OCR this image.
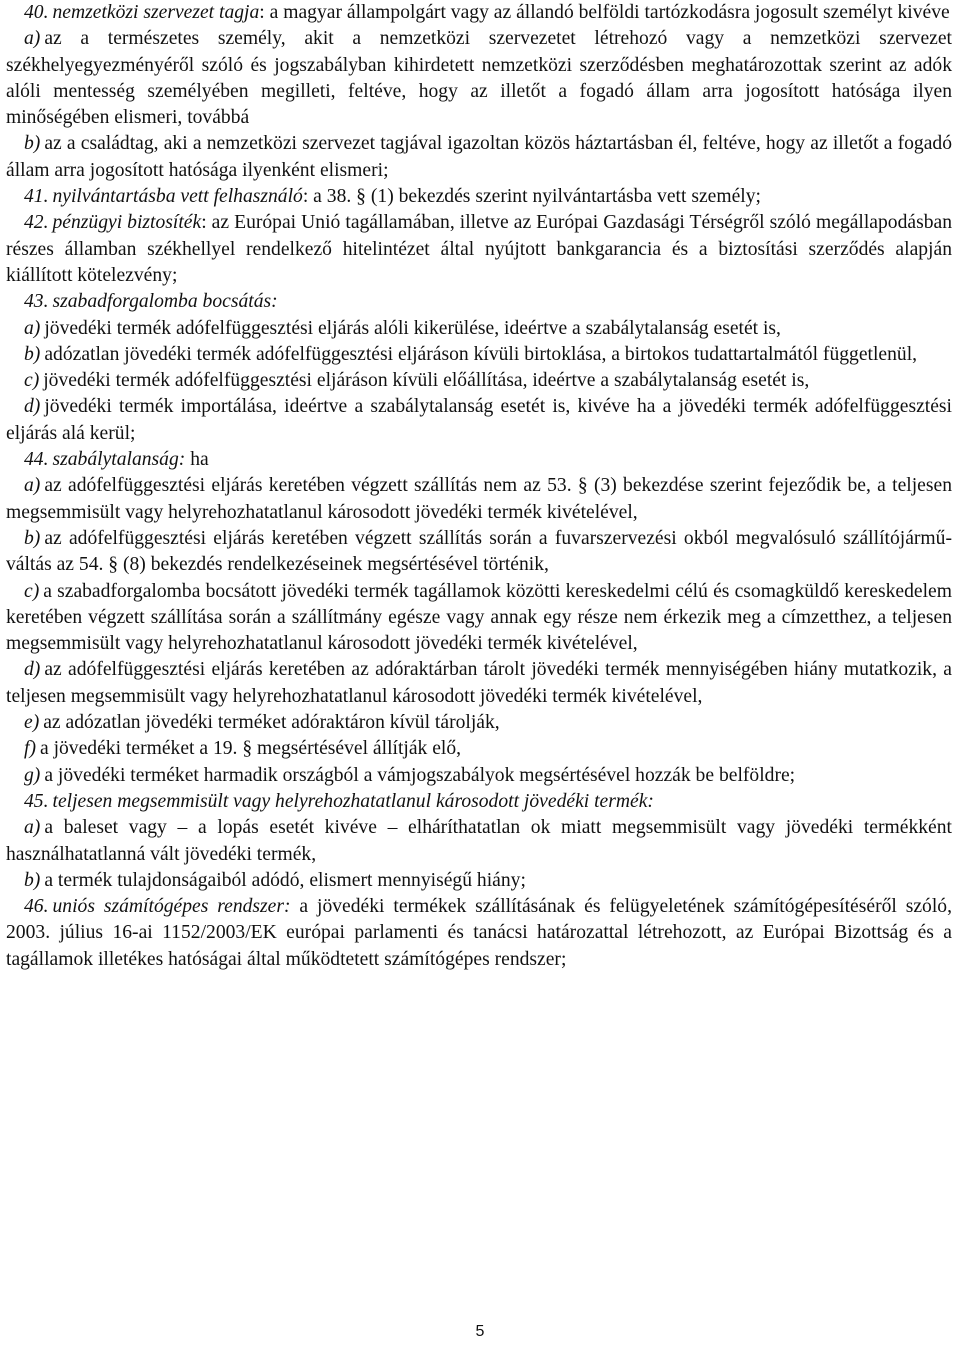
40. nemzetközi szervezet tagja: a magyar állampolgárt vagy az állandó belföldi tartózkodásra jogosult személyt kivéve

a) az a természetes személy, akit a nemzetközi szervezetet létrehozó vagy a nemzetközi szervezet székhelyegyezményéről szóló és jogszabályban kihirdetett nemzetközi szerződésben meghatározottak szerint az adók alóli mentesség személyében megilleti, feltéve, hogy az illetőt a fogadó állam arra jogosított hatósága ilyen minőségében elismeri, továbbá

b) az a családtag, aki a nemzetközi szervezet tagjával igazoltan közös háztartásban él, feltéve, hogy az illetőt a fogadó állam arra jogosított hatósága ilyenként elismeri;

41. nyilvántartásba vett felhasználó: a 38. § (1) bekezdés szerint nyilvántartásba vett személy;

42. pénzügyi biztosíték: az Európai Unió tagállamában, illetve az Európai Gazdasági Térségről szóló megállapodásban részes államban székhellyel rendelkező hitelintézet által nyújtott bankgarancia és a biztosítási szerződés alapján kiállított kötelezvény;

43. szabadforgalomba bocsátás:

a) jövedéki termék adófelfüggesztési eljárás alóli kikerülése, ideértve a szabálytalanság esetét is,

b) adózatlan jövedéki termék adófelfüggesztési eljáráson kívüli birtoklása, a birtokos tudattartalmától függetlenül,

c) jövedéki termék adófelfüggesztési eljáráson kívüli előállítása, ideértve a szabálytalanság esetét is,

d) jövedéki termék importálása, ideértve a szabálytalanság esetét is, kivéve ha a jövedéki termék adófelfüggesztési eljárás alá kerül;

44. szabálytalanság: ha

a) az adófelfüggesztési eljárás keretében végzett szállítás nem az 53. § (3) bekezdése szerint fejeződik be, a teljesen megsemmisült vagy helyrehozhatatlanul károsodott jövedéki termék kivételével,

b) az adófelfüggesztési eljárás keretében végzett szállítás során a fuvarszervezési okból megvalósuló szállítójármű-váltás az 54. § (8) bekezdés rendelkezéseinek megsértésével történik,

c) a szabadforgalomba bocsátott jövedéki termék tagállamok közötti kereskedelmi célú és csomagküldő kereskedelem keretében végzett szállítása során a szállítmány egésze vagy annak egy része nem érkezik meg a címzetthez, a teljesen megsemmisült vagy helyrehozhatatlanul károsodott jövedéki termék kivételével,

d) az adófelfüggesztési eljárás keretében az adóraktárban tárolt jövedéki termék mennyiségében hiány mutatkozik, a teljesen megsemmisült vagy helyrehozhatatlanul károsodott jövedéki termék kivételével,

e) az adózatlan jövedéki terméket adóraktáron kívül tárolják,

f) a jövedéki terméket a 19. § megsértésével állítják elő,

g) a jövedéki terméket harmadik országból a vámjogszabályok megsértésével hozzák be belföldre;

45. teljesen megsemmisült vagy helyrehozhatatlanul károsodott jövedéki termék:

a) a baleset vagy – a lopás esetét kivéve – elháríthatatlan ok miatt megsemmisült vagy jövedéki termékként használhatatlanná vált jövedéki termék,

b) a termék tulajdonságaiból adódó, elismert mennyiségű hiány;

46. uniós számítógépes rendszer: a jövedéki termékek szállításának és felügyeletének számítógépesítéséről szóló, 2003. július 16-ai 1152/2003/EK európai parlamenti és tanácsi határozattal létrehozott, az Európai Bizottság és a tagállamok illetékes hatóságai által működtetett számítógépes rendszer;

5
